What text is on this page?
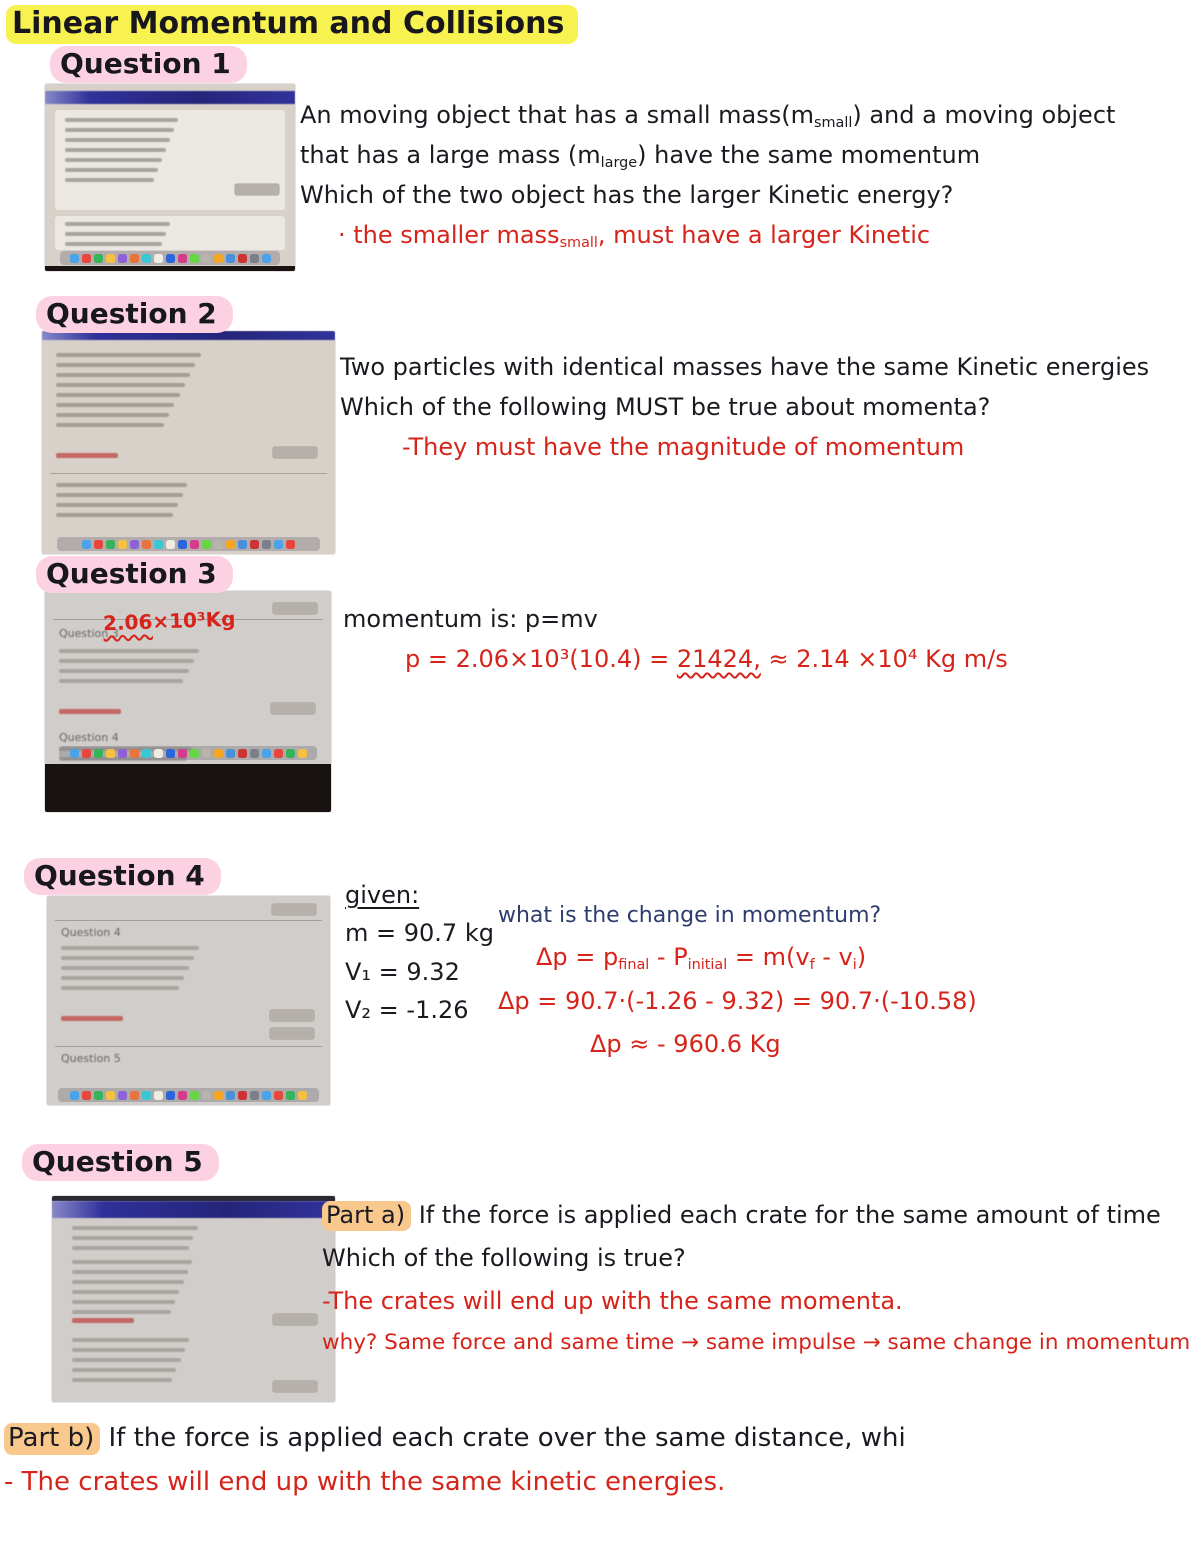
Linear Momentum and Collisions
Question 1
An moving object that has a small mass(msmall) and a moving object
that has a large mass (mlarge) have the same momentum
Which of the two object has the larger Kinetic energy?
· the smaller masssmall, must have a larger Kinetic
Question 2
Two particles with identical masses have the same Kinetic energies
Which of the following MUST be true about momenta?
-They must have the magnitude of momentum
Question 3
Question 3
2.06×10³Kg
Question 4
momentum is: p=mv
p = 2.06×10³(10.4) = 21424, ≈ 2.14 ×10⁴ Kg m/s
Question 4
Question 4
Question 5
given:
m = 90.7 kg
V₁ = 9.32
V₂ = -1.26
what is the change in momentum?
Δp = pfinal - Pinitial = m(vf - vi)
Δp = 90.7·(-1.26 - 9.32) = 90.7·(-10.58)
Δp ≈ - 960.6 Kg
Question 5
Part a) If the force is applied each crate for the same amount of time
Which of the following is true?
-The crates will end up with the same momenta.
why? Same force and same time → same impulse → same change in momentum
Part b) If the force is applied each crate over the same distance, whi
- The crates will end up with the same kinetic energies.
